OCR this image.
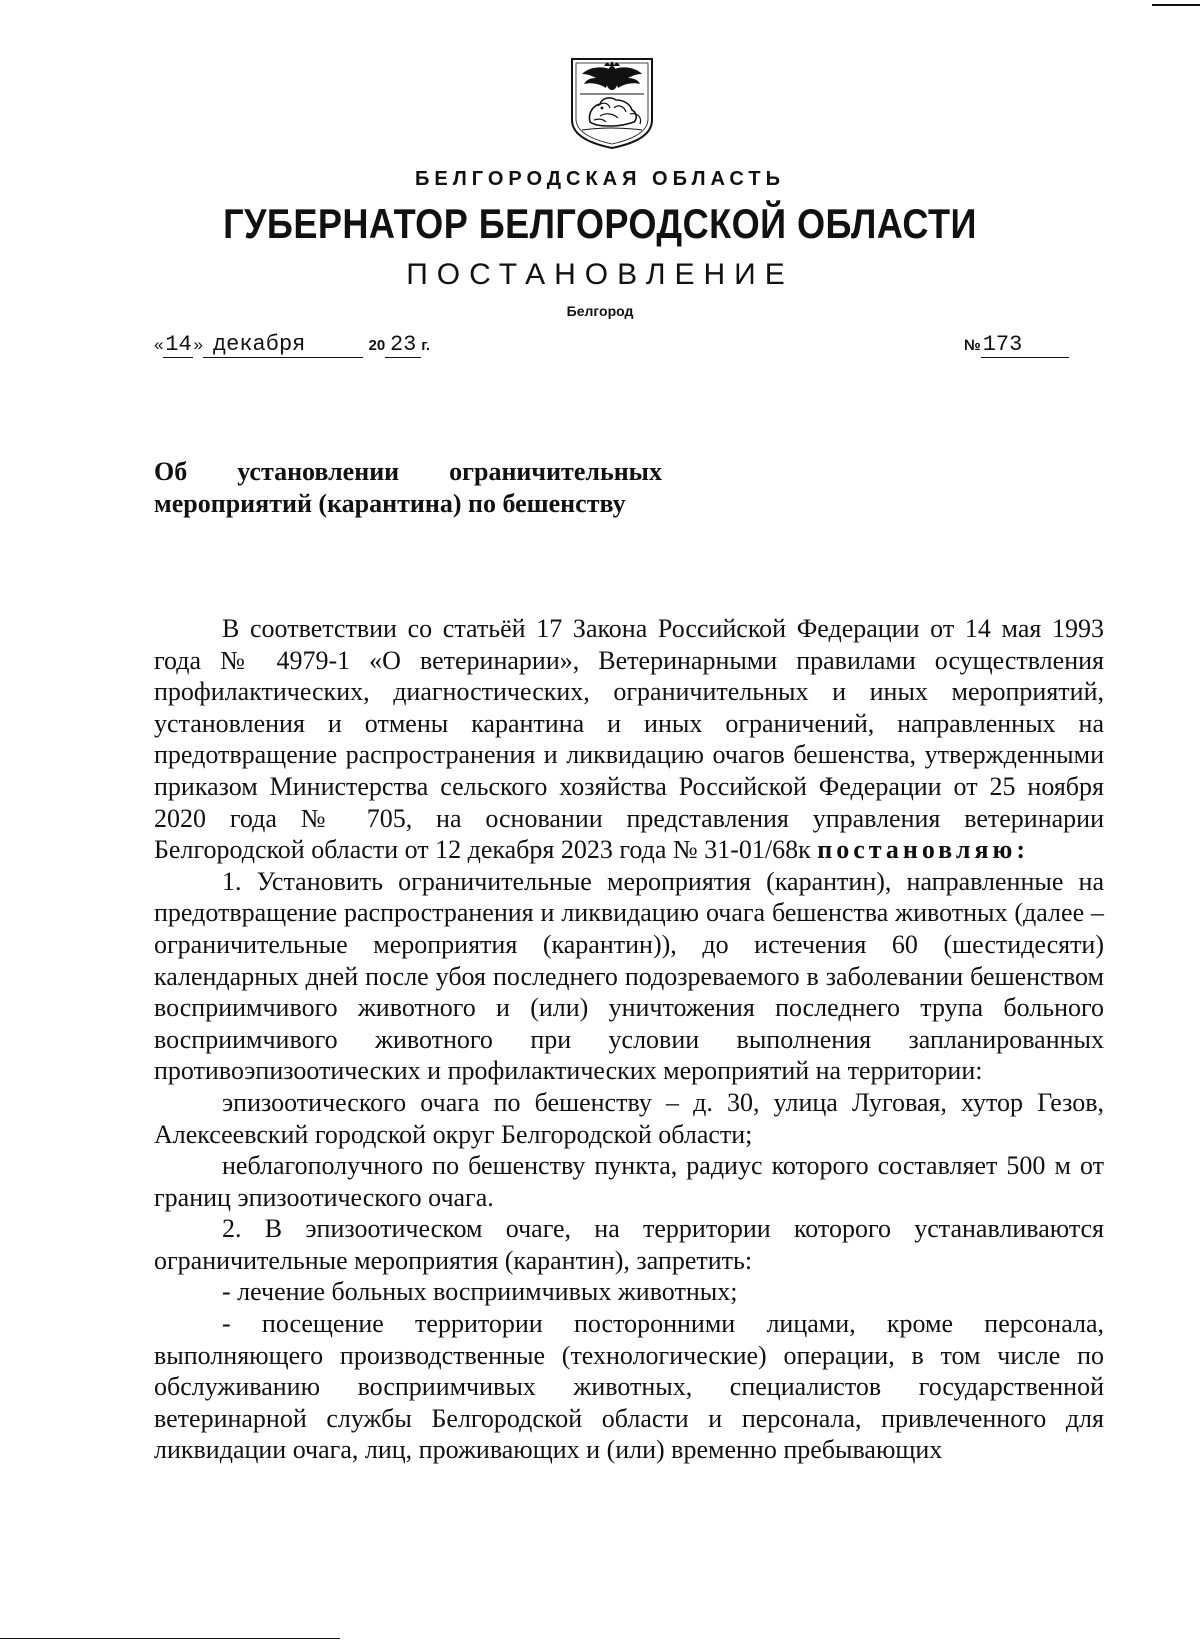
БЕЛГОРОДСКАЯ ОБЛАСТЬ
ГУБЕРНАТОР БЕЛГОРОДСКОЙ ОБЛАСТИ
ПОСТАНОВЛЕНИЕ
Белгород
«14 » декабря	20 23 г.	№173
Об установлении ограничительных
мероприятий (карантина) по бешенству

В соответствии со статьёй 17 Закона Российской Федерации от 14 мая 1993 года № 4979-1 «О ветеринарии», Ветеринарными правилами осуществления профилактических, диагностических, ограничительных и иных мероприятий, установления и отмены карантина и иных ограничений, направленных на предотвращение распространения и ликвидацию очагов бешенства, утвержденными приказом Министерства сельского хозяйства Российской Федерации от 25 ноября 2020 года № 705, на основании представления управления ветеринарии Белгородской области от 12 декабря 2023 года № 31-01/68к постановляю:

1. Установить ограничительные мероприятия (карантин), направленные на предотвращение распространения и ликвидацию очага бешенства животных (далее – ограничительные мероприятия (карантин)), до истечения 60 (шестидесяти) календарных дней после убоя последнего подозреваемого в заболевании бешенством восприимчивого животного и (или) уничтожения последнего трупа больного восприимчивого животного при условии выполнения запланированных противоэпизоотических и профилактических мероприятий на территории:

эпизоотического очага по бешенству – д. 30, улица Луговая, хутор Гезов, Алексеевский городской округ Белгородской области;

неблагополучного по бешенству пункта, радиус которого составляет 500 м от границ эпизоотического очага.

2. В эпизоотическом очаге, на территории которого устанавливаются ограничительные мероприятия (карантин), запретить:

- лечение больных восприимчивых животных;

- посещение территории посторонними лицами, кроме персонала, выполняющего производственные (технологические) операции, в том числе по обслуживанию восприимчивых животных, специалистов государственной ветеринарной службы Белгородской области и персонала, привлеченного для ликвидации очага, лиц, проживающих и (или) временно пребывающих
